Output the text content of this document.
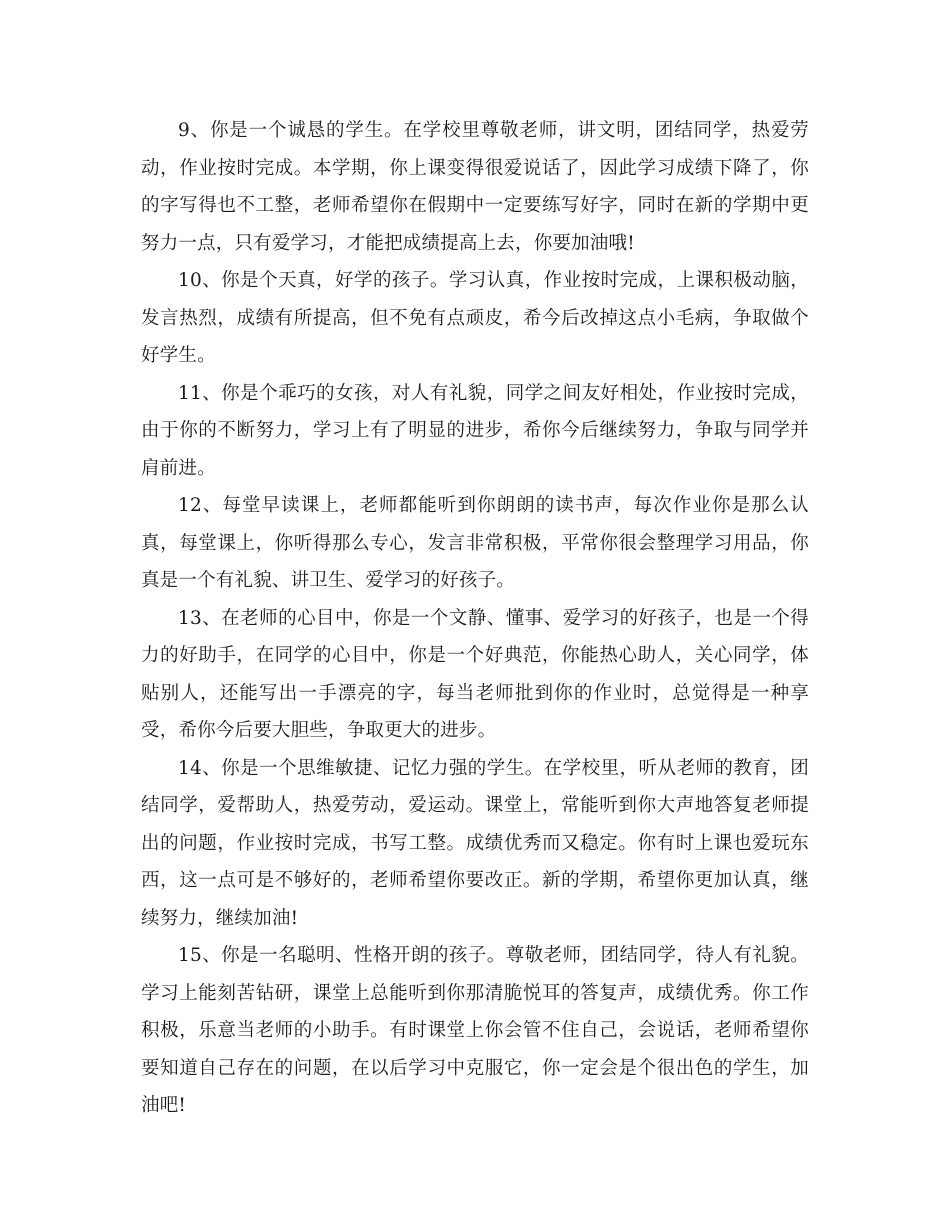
9、你是一个诚恳的学生。在学校里尊敬老师，讲文明，团结同学，热爱劳动，作业按时完成。本学期，你上课变得很爱说话了，因此学习成绩下降了，你的字写得也不工整，老师希望你在假期中一定要练写好字，同时在新的学期中更努力一点，只有爱学习，才能把成绩提高上去，你要加油哦!

10、你是个天真，好学的孩子。学习认真，作业按时完成，上课积极动脑，发言热烈，成绩有所提高，但不免有点顽皮，希今后改掉这点小毛病，争取做个好学生。

11、你是个乖巧的女孩，对人有礼貌，同学之间友好相处，作业按时完成，由于你的不断努力，学习上有了明显的进步，希你今后继续努力，争取与同学并肩前进。

12、每堂早读课上，老师都能听到你朗朗的读书声，每次作业你是那么认真，每堂课上，你听得那么专心，发言非常积极，平常你很会整理学习用品，你真是一个有礼貌、讲卫生、爱学习的好孩子。

13、在老师的心目中，你是一个文静、懂事、爱学习的好孩子，也是一个得力的好助手，在同学的心目中，你是一个好典范，你能热心助人，关心同学，体贴别人，还能写出一手漂亮的字，每当老师批到你的作业时，总觉得是一种享受，希你今后要大胆些，争取更大的进步。

14、你是一个思维敏捷、记忆力强的学生。在学校里，听从老师的教育，团结同学，爱帮助人，热爱劳动，爱运动。课堂上，常能听到你大声地答复老师提出的问题，作业按时完成，书写工整。成绩优秀而又稳定。你有时上课也爱玩东西，这一点可是不够好的，老师希望你要改正。新的学期，希望你更加认真，继续努力，继续加油!

15、你是一名聪明、性格开朗的孩子。尊敬老师，团结同学，待人有礼貌。学习上能刻苦钻研，课堂上总能听到你那清脆悦耳的答复声，成绩优秀。你工作积极，乐意当老师的小助手。有时课堂上你会管不住自己，会说话，老师希望你要知道自己存在的问题，在以后学习中克服它，你一定会是个很出色的学生，加油吧!
